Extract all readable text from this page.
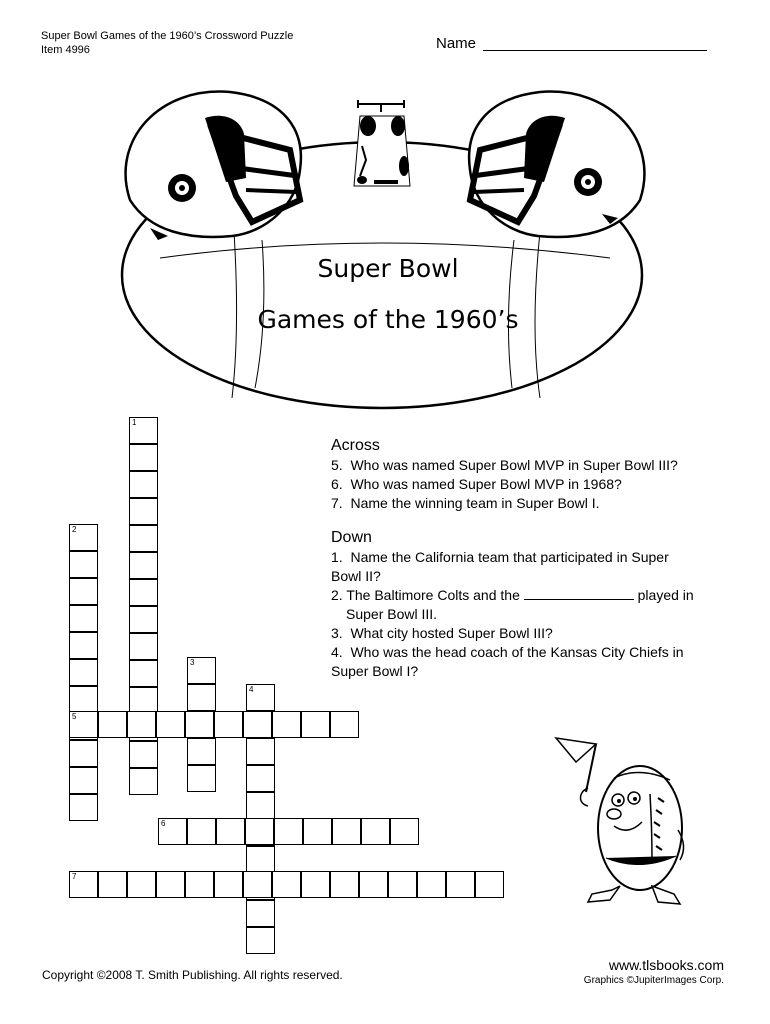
Super Bowl Games of the 1960’s Crossword Puzzle
Item 4996	Name
Super Bowl
Games of the 1960’s
1
2
3
4
5
6
7
Across
5. Who was named Super Bowl MVP in Super Bowl III?
6. Who was named Super Bowl MVP in 1968?
7. Name the winning team in Super Bowl I.
Down
1. Name the California team that participated in Super
Bowl II?
2. The Baltimore Colts and the	played in
Super Bowl III.
3. What city hosted Super Bowl III?
4. Who was the head coach of the Kansas City Chiefs in
Super Bowl I?
www.tlsbooks.com
Copyright ©2008 T. Smith Publishing. All rights reserved.	Graphics ©JupiterImages Corp.
